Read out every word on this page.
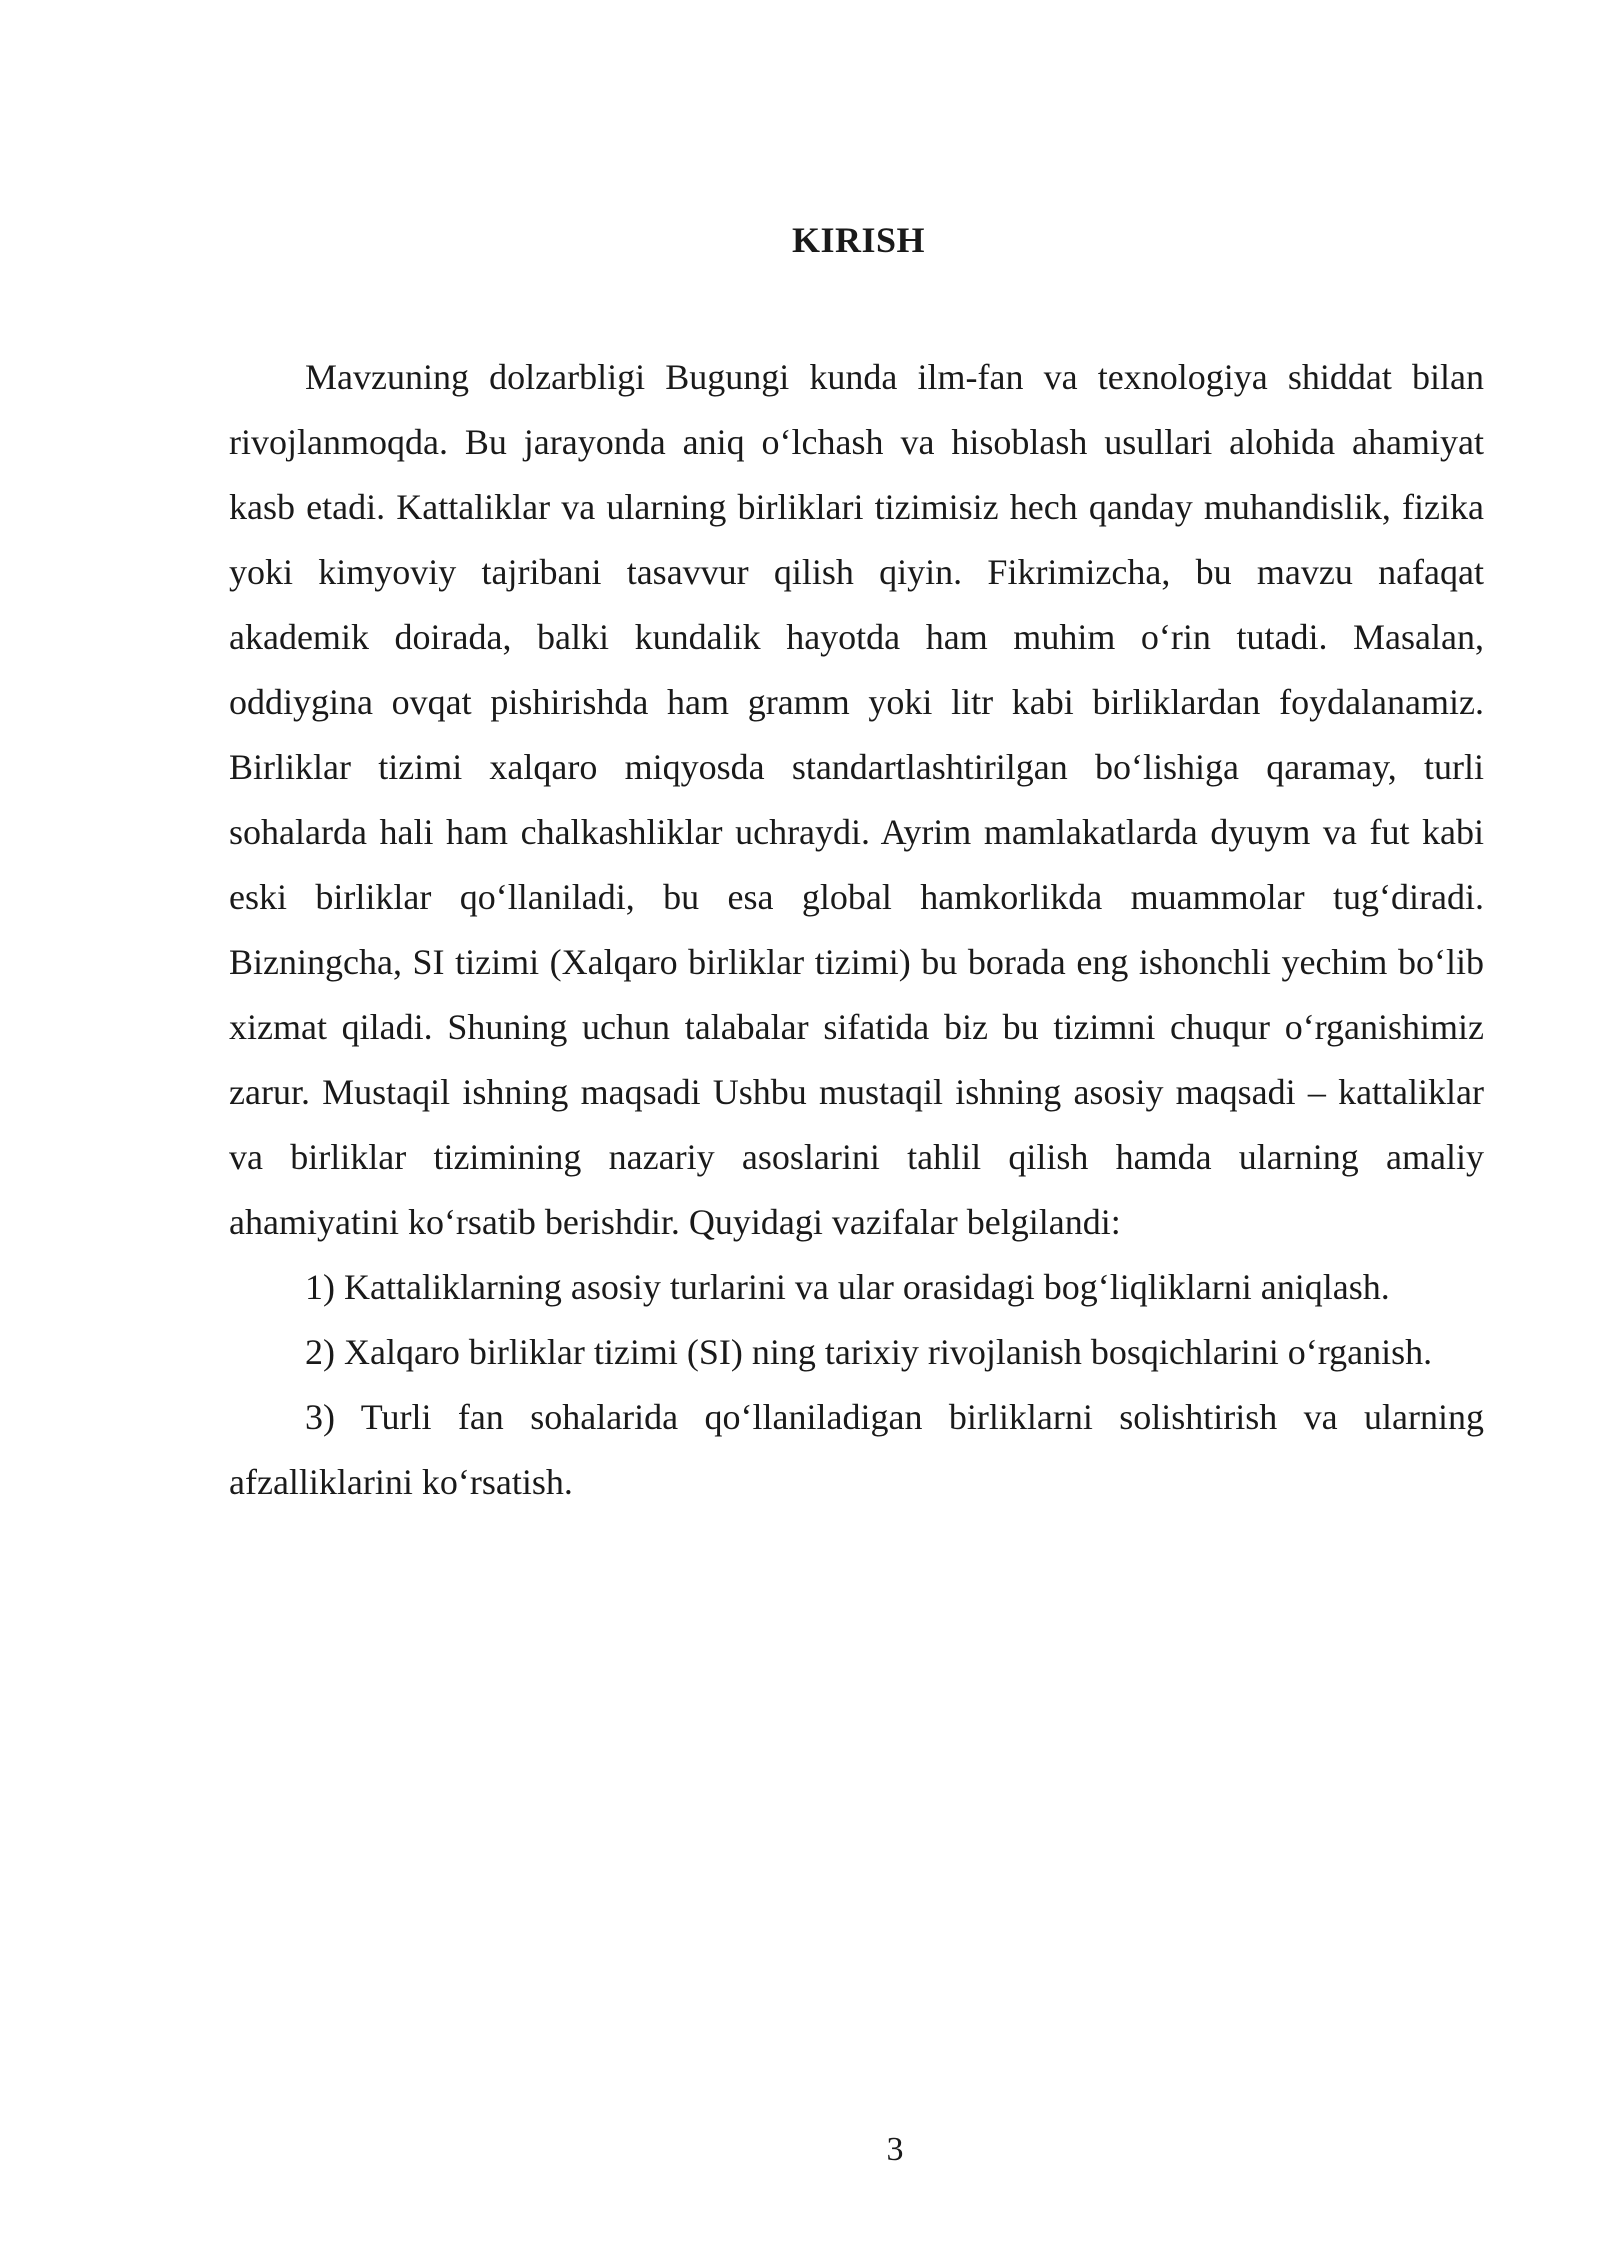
KIRISH

Mavzuning dolzarbligi Bugungi kunda ilm-fan va texnologiya shiddat bilan rivojlanmoqda. Bu jarayonda aniq o‘lchash va hisoblash usullari alohida ahamiyat kasb etadi. Kattaliklar va ularning birliklari tizimisiz hech qanday muhandislik, fizika yoki kimyoviy tajribani tasavvur qilish qiyin. Fikrimizcha, bu mavzu nafaqat akademik doirada, balki kundalik hayotda ham muhim o‘rin tutadi. Masalan, oddiygina ovqat pishirishda ham gramm yoki litr kabi birliklardan foydalanamiz. Birliklar tizimi xalqaro miqyosda standartlashtirilgan bo‘lishiga qaramay, turli sohalarda hali ham chalkashliklar uchraydi. Ayrim mamlakatlarda dyuym va fut kabi eski birliklar qo‘llaniladi, bu esa global hamkorlikda muammolar tug‘diradi. Bizningcha, SI tizimi (Xalqaro birliklar tizimi) bu borada eng ishonchli yechim bo‘lib xizmat qiladi. Shuning uchun talabalar sifatida biz bu tizimni chuqur o‘rganishimiz zarur. Mustaqil ishning maqsadi Ushbu mustaqil ishning asosiy maqsadi – kattaliklar va birliklar tizimining nazariy asoslarini tahlil qilish hamda ularning amaliy ahamiyatini ko‘rsatib berishdir. Quyidagi vazifalar belgilandi:

1) Kattaliklarning asosiy turlarini va ular orasidagi bog‘liqliklarni aniqlash.

2) Xalqaro birliklar tizimi (SI) ning tarixiy rivojlanish bosqichlarini o‘rganish.

3) Turli fan sohalarida qo‘llaniladigan birliklarni solishtirish va ularning afzalliklarini ko‘rsatish.

3
